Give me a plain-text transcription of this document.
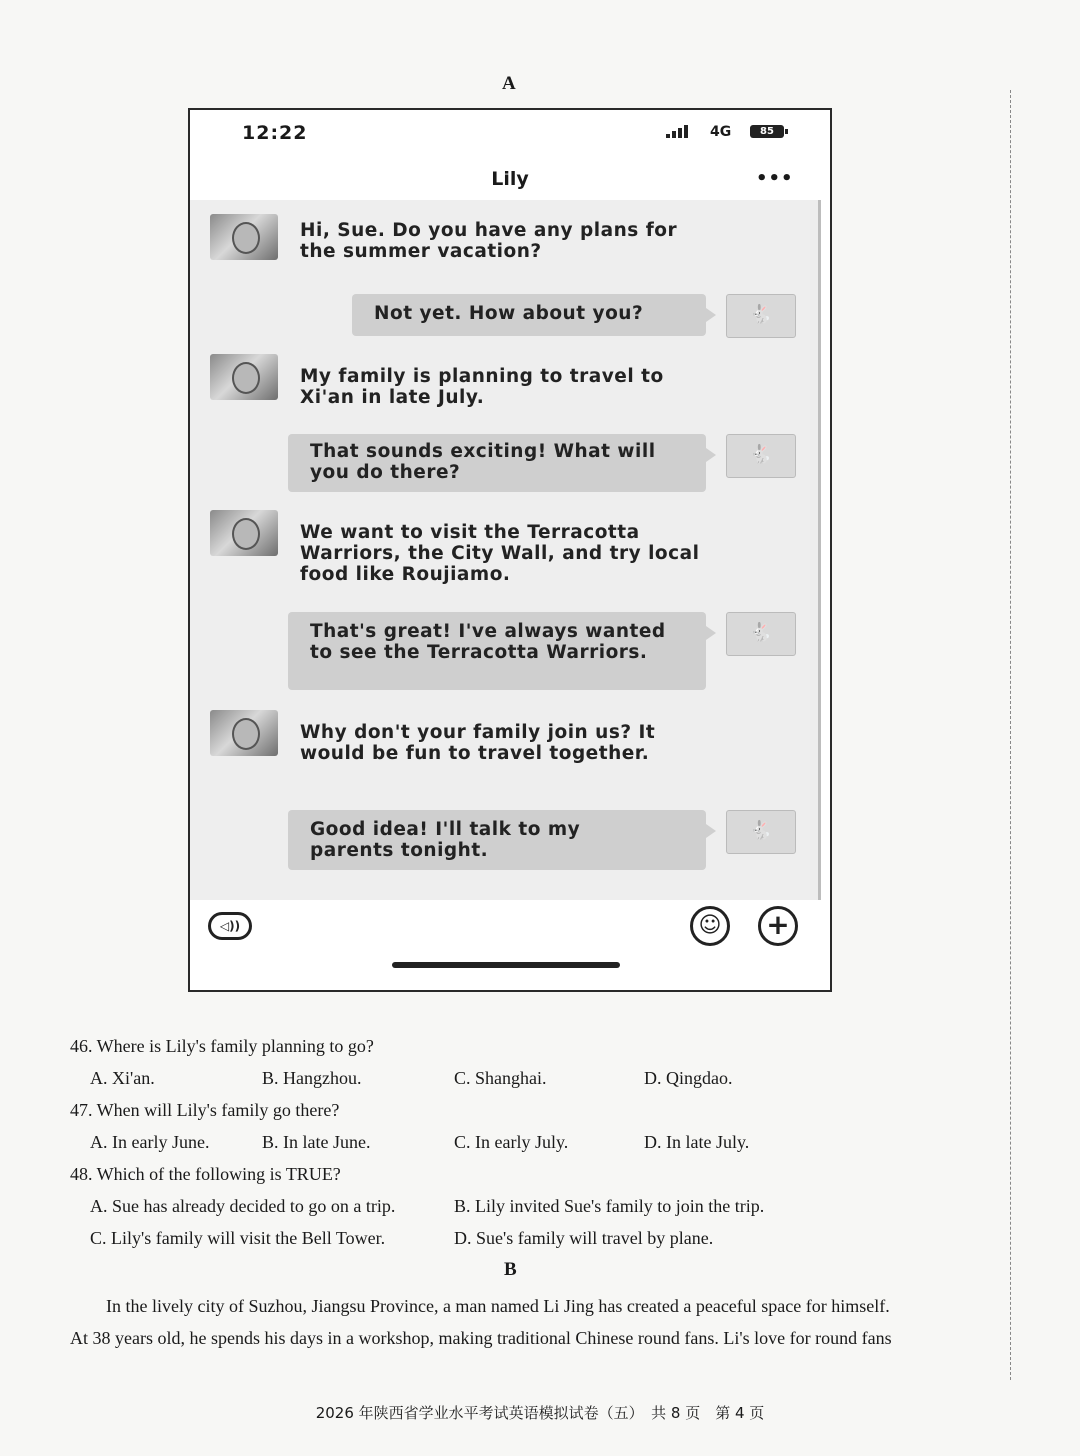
A
12:22	4G	85
Lily	•••
Hi, Sue. Do you have any plans for the summer vacation?
Not yet. How about you?	🐇
My family is planning to travel to Xi'an in late July.
That sounds exciting! What will you do there?
🐇
We want to visit the Terracotta Warriors, the City Wall, and try local food like Roujiamo.
That's great! I've always wanted to see the Terracotta Warriors.
🐇
Why don't your family join us? It would be fun to travel together.
Good idea! I'll talk to my parents tonight.
🐇
◁))	☺	+
46. Where is Lily's family planning to go?
A. Xi'an.	B. Hangzhou.	C. Shanghai.	D. Qingdao.
47. When will Lily's family go there?
A. In early June.	B. In late June.	C. In early July.	D. In late July.
48. Which of the following is TRUE?
A. Sue has already decided to go on a trip.	B. Lily invited Sue's family to join the trip.
C. Lily's family will visit the Bell Tower.	D. Sue's family will travel by plane.
B
In the lively city of Suzhou, Jiangsu Province, a man named Li Jing has created a peaceful space for himself.
At 38 years old, he spends his days in a workshop, making traditional Chinese round fans. Li's love for round fans
2026 年陕西省学业水平考试英语模拟试卷（五）　共 8 页　第 4 页
